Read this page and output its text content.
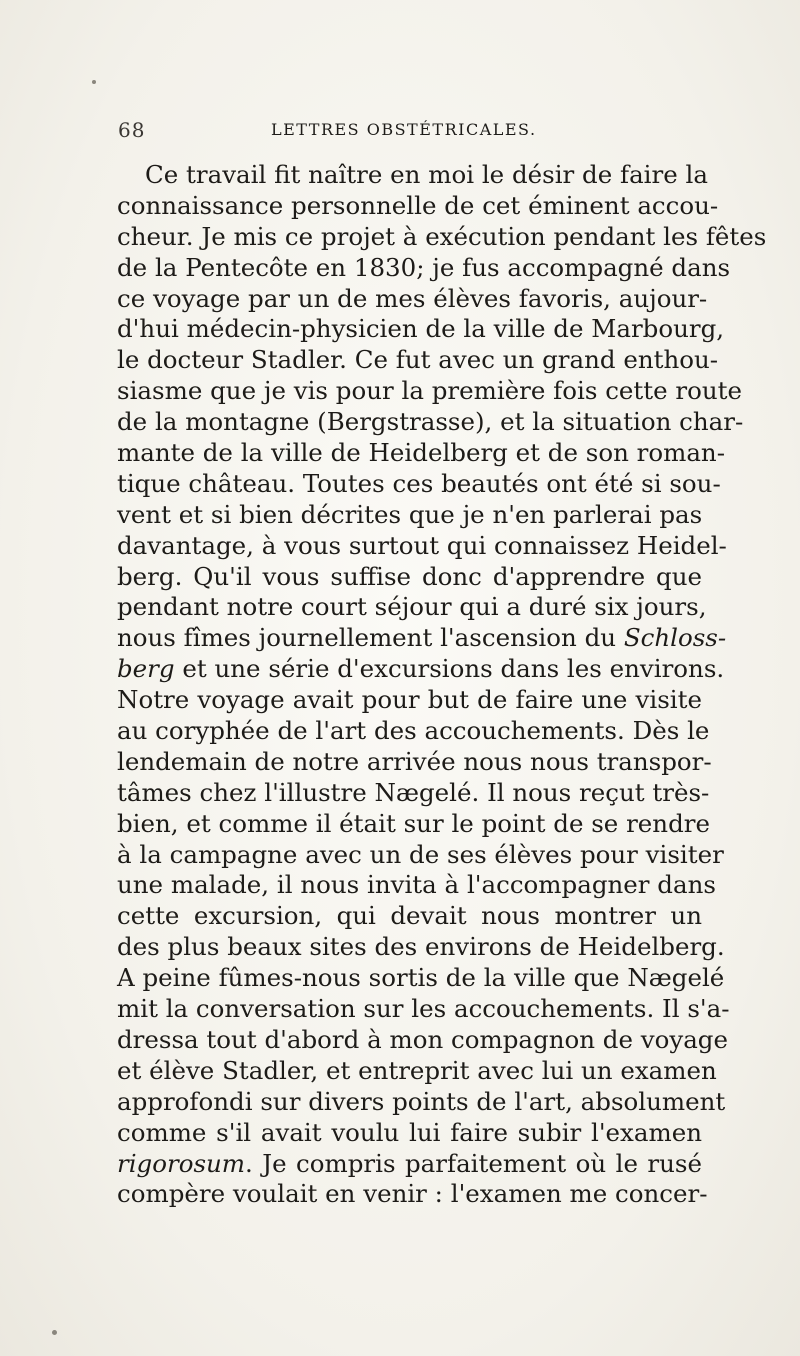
68	LETTRES OBSTÉTRICALES.
Ce travail fit naître en moi le désir de faire la
connaissance personnelle de cet éminent accou-
cheur. Je mis ce projet à exécution pendant les fêtes
de la Pentecôte en 1830; je fus accompagné dans
ce voyage par un de mes élèves favoris, aujour-
d'hui médecin-physicien de la ville de Marbourg,
le docteur Stadler. Ce fut avec un grand enthou-
siasme que je vis pour la première fois cette route
de la montagne (Bergstrasse), et la situation char-
mante de la ville de Heidelberg et de son roman-
tique château. Toutes ces beautés ont été si sou-
vent et si bien décrites que je n'en parlerai pas
davantage, à vous surtout qui connaissez Heidel-
berg. Qu'il vous suffise donc d'apprendre que
pendant notre court séjour qui a duré six jours,
nous fîmes journellement l'ascension du Schloss-
berg et une série d'excursions dans les environs.
Notre voyage avait pour but de faire une visite
au coryphée de l'art des accouchements. Dès le
lendemain de notre arrivée nous nous transpor-
tâmes chez l'illustre Nægelé. Il nous reçut très-
bien, et comme il était sur le point de se rendre
à la campagne avec un de ses élèves pour visiter
une malade, il nous invita à l'accompagner dans
cette excursion, qui devait nous montrer un
des plus beaux sites des environs de Heidelberg.
A peine fûmes-nous sortis de la ville que Nægelé
mit la conversation sur les accouchements. Il s'a-
dressa tout d'abord à mon compagnon de voyage
et élève Stadler, et entreprit avec lui un examen
approfondi sur divers points de l'art, absolument
comme s'il avait voulu lui faire subir l'examen
rigorosum. Je compris parfaitement où le rusé
compère voulait en venir : l'examen me concer-
